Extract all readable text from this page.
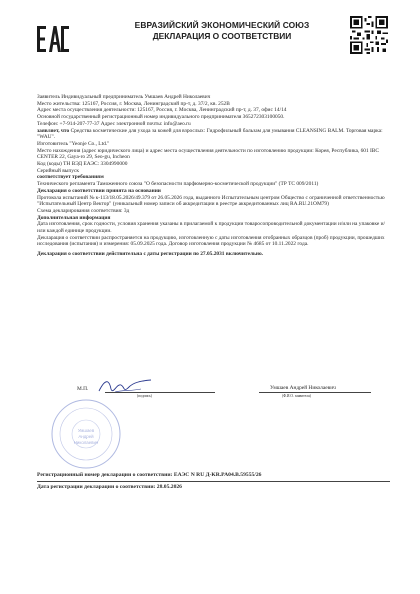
ЕВРАЗИЙСКИЙ ЭКОНОМИЧЕСКИЙ СОЮЗ
ДЕКЛАРАЦИЯ О СООТВЕТСТВИИ

Заявитель Индивидуальный предприниматель Умшаев Андрей Николаевич

Место жительства: 125167, Россия, г. Москва, Ленинградский пр-т, д. 37/2, кв. 252В

Адрес места осуществления деятельности: 125167, Россия, г. Москва, Ленинградский пр-т, д. 37, офис 14/14

Основной государственный регистрационный номер индивидуального предпринимателя 365272303100050.

Телефон: +7-914-207-77-37 Адрес электронной почты: info@aeo.ru

заявляет, что Средства косметические для ухода за кожей для взрослых: Гидрофильный бальзам для умывания CLEANSING BALM. Торговая марка: "WAU".

Изготовитель "Yeonje Co., Ltd."

Место нахождения (адрес юридического лица) и адрес места осуществления деятельности по изготовлению продукции: Корея, Республика, 601 IBC CENTER 22, Gaya-ro 29, Seo-gu, Incheon

Код (коды) ТН ВЭД ЕАЭС: 3304990000

Серийный выпуск

соответствует требованиям

Технического регламента Таможенного союза "О безопасности парфюмерно-косметической продукции" (ТР ТС 009/2011)

Декларация о соответствии принята на основании

Протокола испытаний № к-113/18.05.2026/49.379 от 26.05.2026 года, выданного Испытательным центром Общество с ограниченной ответственностью "Испытательный Центр Вектор" (уникальный номер записи об аккредитации в реестре аккредитованных лиц RA.RU.21ОМ79)

Схема декларирования соответствия: 3д

Дополнительная информация

Дата изготовления, срок годности, условия хранения указаны в прилагаемой к продукции товаросопроводительной документации и/или на упаковке и/или каждой единице продукции.

Декларация о соответствии распространяется на продукцию, изготовленную с даты изготовления отобранных образцов (проб) продукции, прошедших исследования (испытания) и измерения: 05.09.2025 года. Договор изготовления продукции № 4685 от 10.11.2022 года.

Декларация о соответствии действительна с даты регистрации по 27.05.2031 включительно.

М.П.	Умшаев Андрей Николаевич
(подпись)	(Ф.И.О. заявителя)
Умшаев
Андрей
Николаевич
Регистрационный номер декларации о соответствии: ЕАЭС N RU Д-KR.PA04.B.59555/26
Дата регистрации декларации о соответствии: 28.05.2026
